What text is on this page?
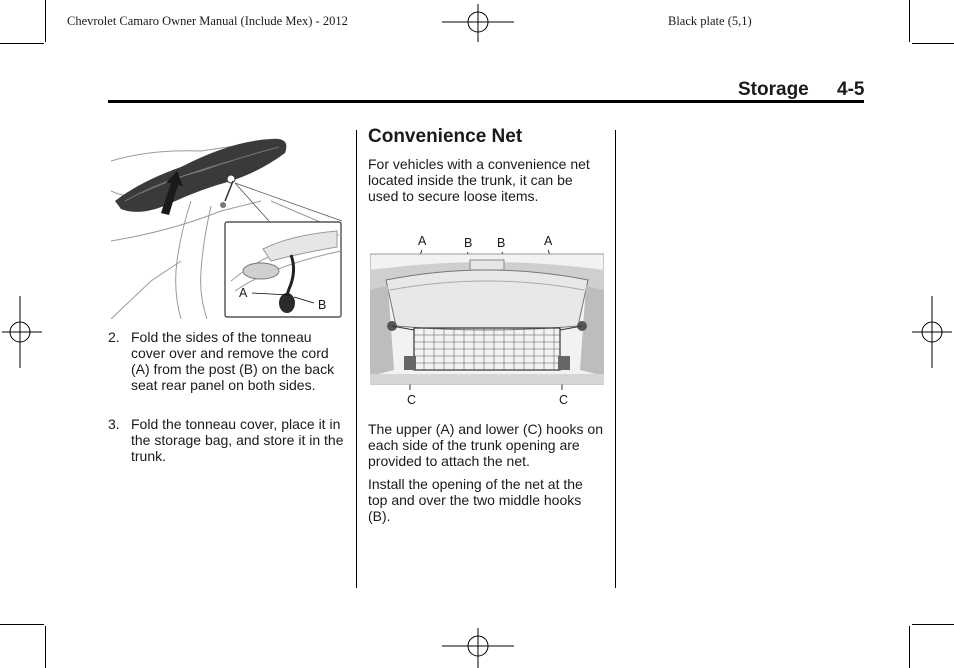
Chevrolet Camaro Owner Manual (Include Mex) - 2012	Black plate (5,1)
Storage 4-5
A
B
2. Fold the sides of the tonneau cover over and remove the cord (A) from the post (B) on the back seat rear panel on both sides.
3. Fold the tonneau cover, place it in the storage bag, and store it in the trunk.
Convenience Net

For vehicles with a convenience net located inside the trunk, it can be used to secure loose items.

A	B B	A
C	C

The upper (A) and lower (C) hooks on each side of the trunk opening are provided to attach the net.

Install the opening of the net at the top and over the two middle hooks (B).
